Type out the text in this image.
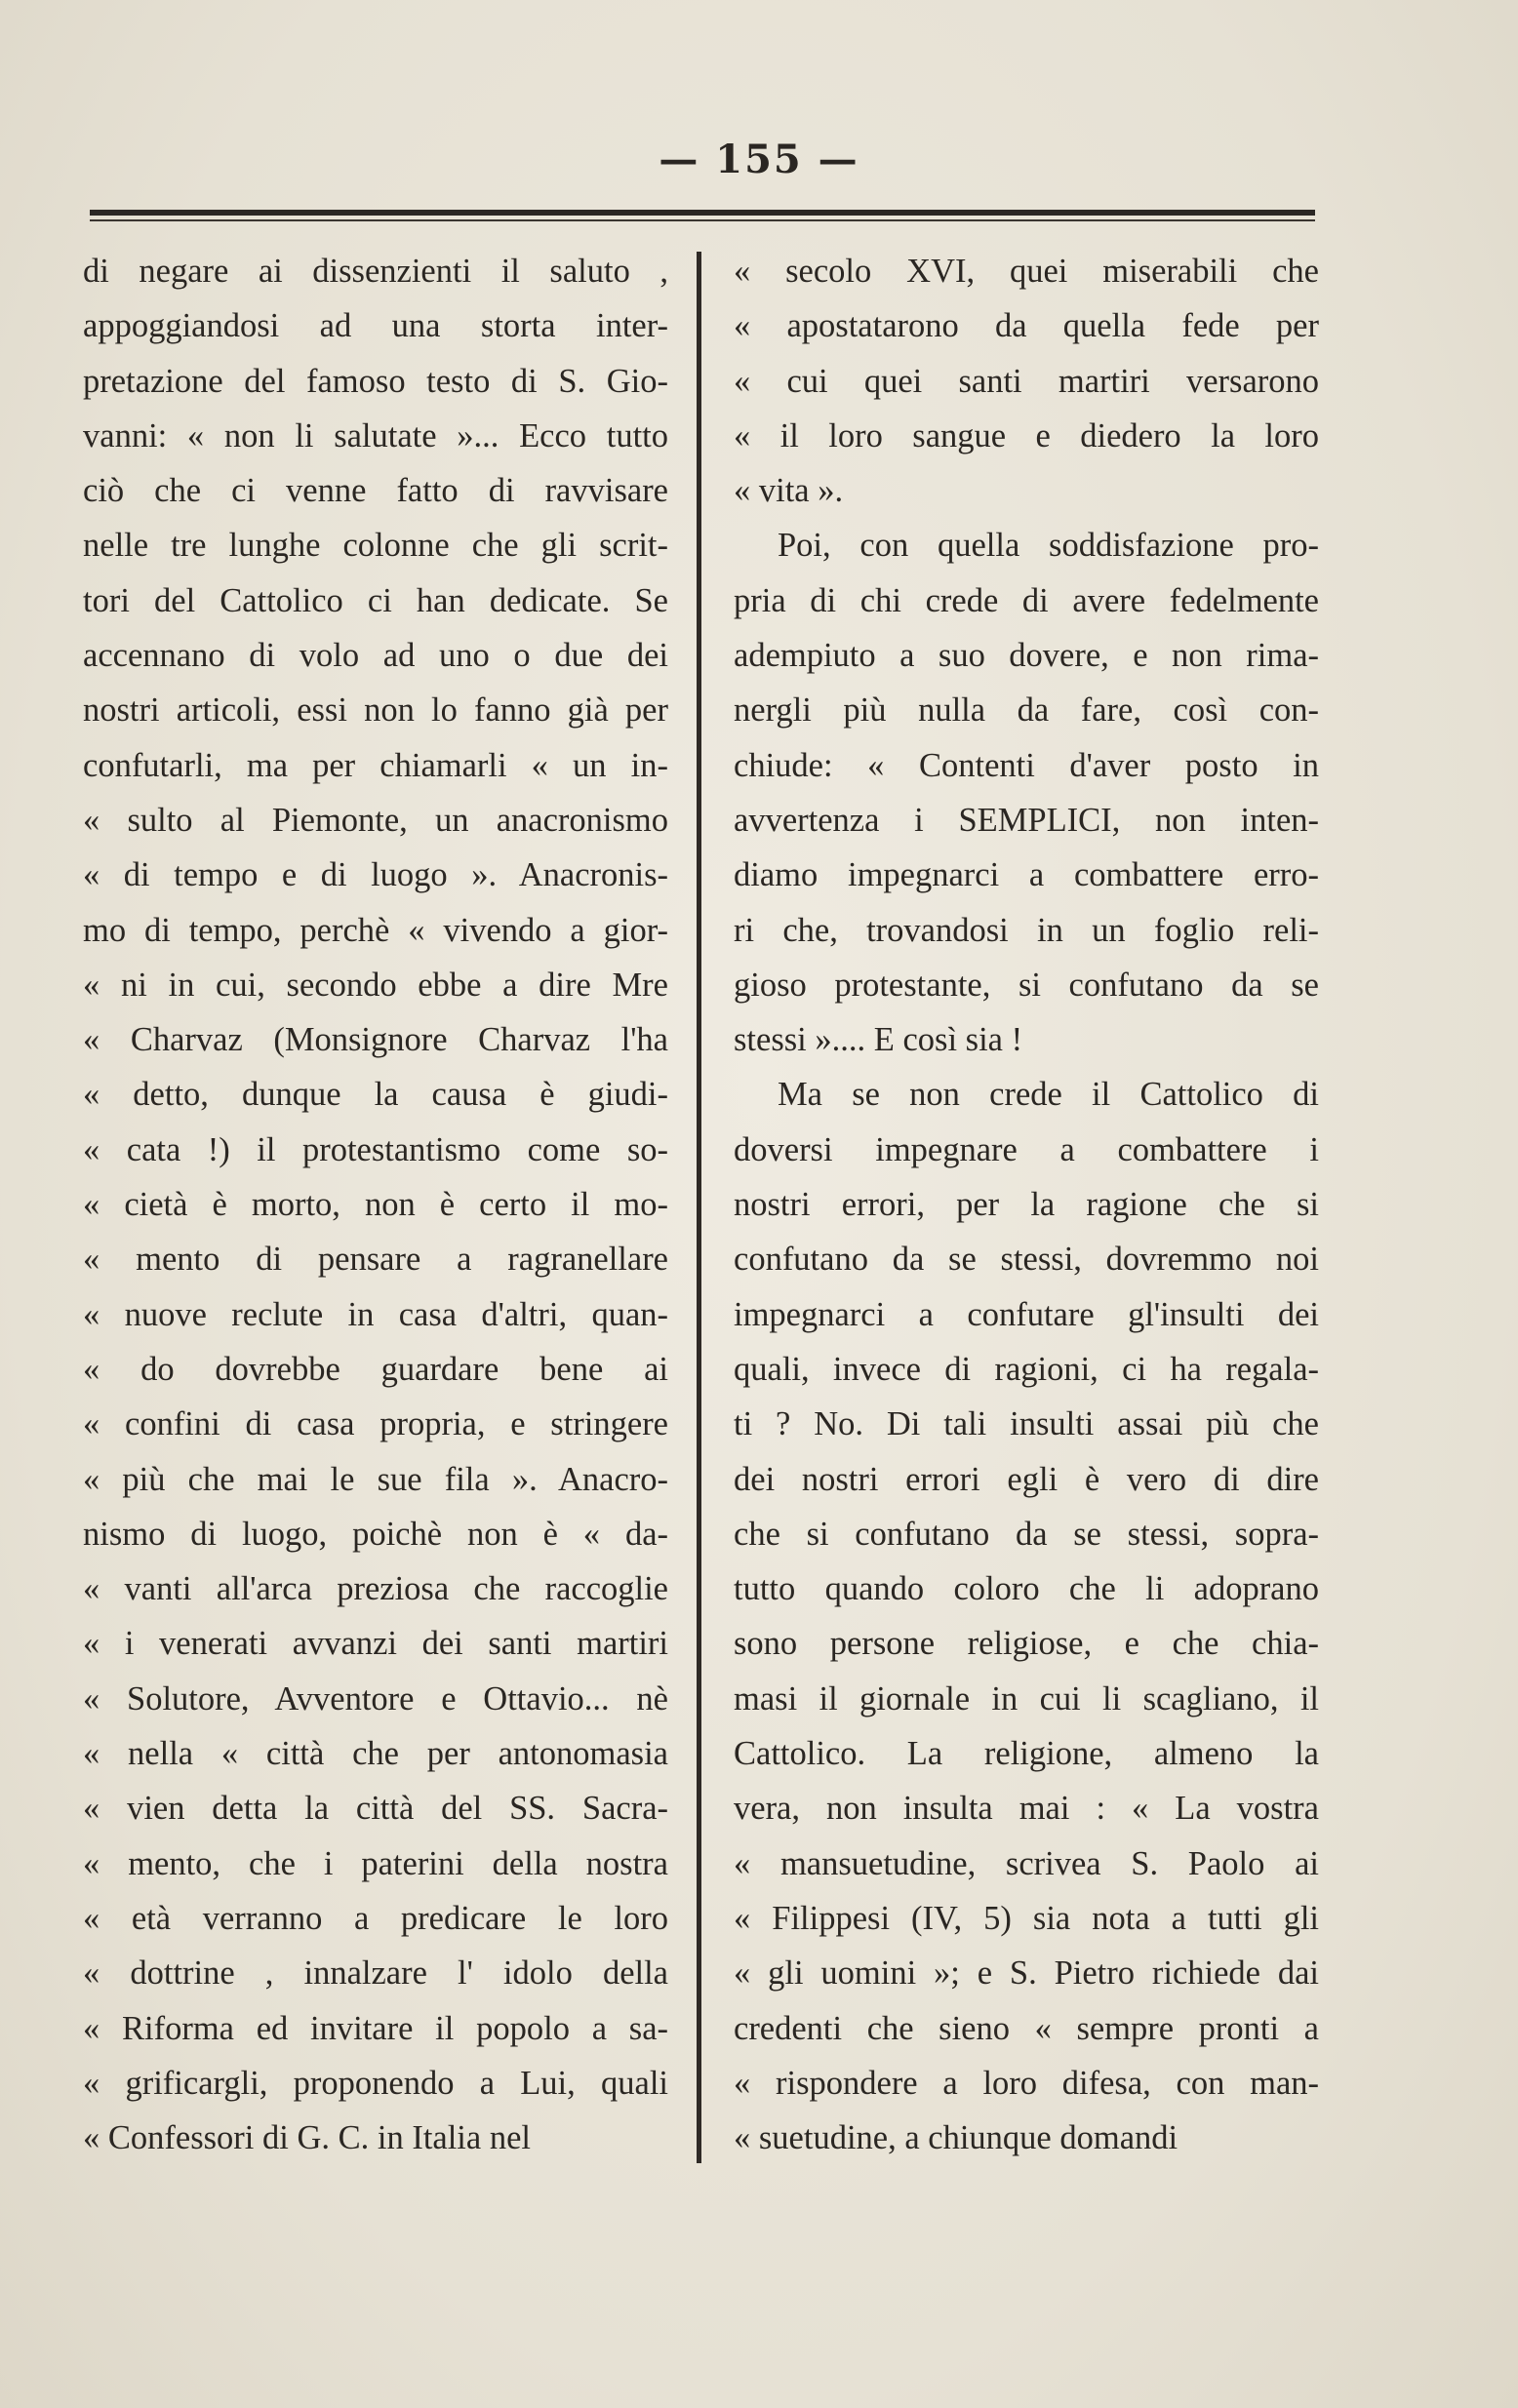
— 155 —
di negare ai dissenzienti il saluto ,
appoggiandosi ad una storta inter-
pretazione del famoso testo di S. Gio-
vanni: « non li salutate »... Ecco tutto
ciò che ci venne fatto di ravvisare
nelle tre lunghe colonne che gli scrit-
tori del Cattolico ci han dedicate. Se
accennano di volo ad uno o due dei
nostri articoli, essi non lo fanno già per
confutarli, ma per chiamarli « un in-
« sulto al Piemonte, un anacronismo
« di tempo e di luogo ». Anacronis-
mo di tempo, perchè « vivendo a gior-
« ni in cui, secondo ebbe a dire Mre
« Charvaz (Monsignore Charvaz l'ha
« detto, dunque la causa è giudi-
« cata !) il protestantismo come so-
« cietà è morto, non è certo il mo-
« mento di pensare a ragranellare
« nuove reclute in casa d'altri, quan-
« do dovrebbe guardare bene ai
« confini di casa propria, e stringere
« più che mai le sue fila ». Anacro-
nismo di luogo, poichè non è « da-
« vanti all'arca preziosa che raccoglie
« i venerati avvanzi dei santi martiri
« Solutore, Avventore e Ottavio... nè
« nella « città che per antonomasia
« vien detta la città del SS. Sacra-
« mento, che i paterini della nostra
« età verranno a predicare le loro
« dottrine , innalzare l' idolo della
« Riforma ed invitare il popolo a sa-
« grificargli, proponendo a Lui, quali
« Confessori di G. C. in Italia nel
« secolo XVI, quei miserabili che
« apostatarono da quella fede per
« cui quei santi martiri versarono
« il loro sangue e diedero la loro
« vita ».
Poi, con quella soddisfazione pro-
pria di chi crede di avere fedelmente
adempiuto a suo dovere, e non rima-
nergli più nulla da fare, così con-
chiude: « Contenti d'aver posto in
avvertenza i SEMPLICI, non inten-
diamo impegnarci a combattere erro-
ri che, trovandosi in un foglio reli-
gioso protestante, si confutano da se
stessi ».... E così sia !
Ma se non crede il Cattolico di
doversi impegnare a combattere i
nostri errori, per la ragione che si
confutano da se stessi, dovremmo noi
impegnarci a confutare gl'insulti dei
quali, invece di ragioni, ci ha regala-
ti ? No. Di tali insulti assai più che
dei nostri errori egli è vero di dire
che si confutano da se stessi, sopra-
tutto quando coloro che li adoprano
sono persone religiose, e che chia-
masi il giornale in cui li scagliano, il
Cattolico. La religione, almeno la
vera, non insulta mai : « La vostra
« mansuetudine, scrivea S. Paolo ai
« Filippesi (IV, 5) sia nota a tutti gli
« gli uomini »; e S. Pietro richiede dai
credenti che sieno « sempre pronti a
« rispondere a loro difesa, con man-
« suetudine, a chiunque domandi
